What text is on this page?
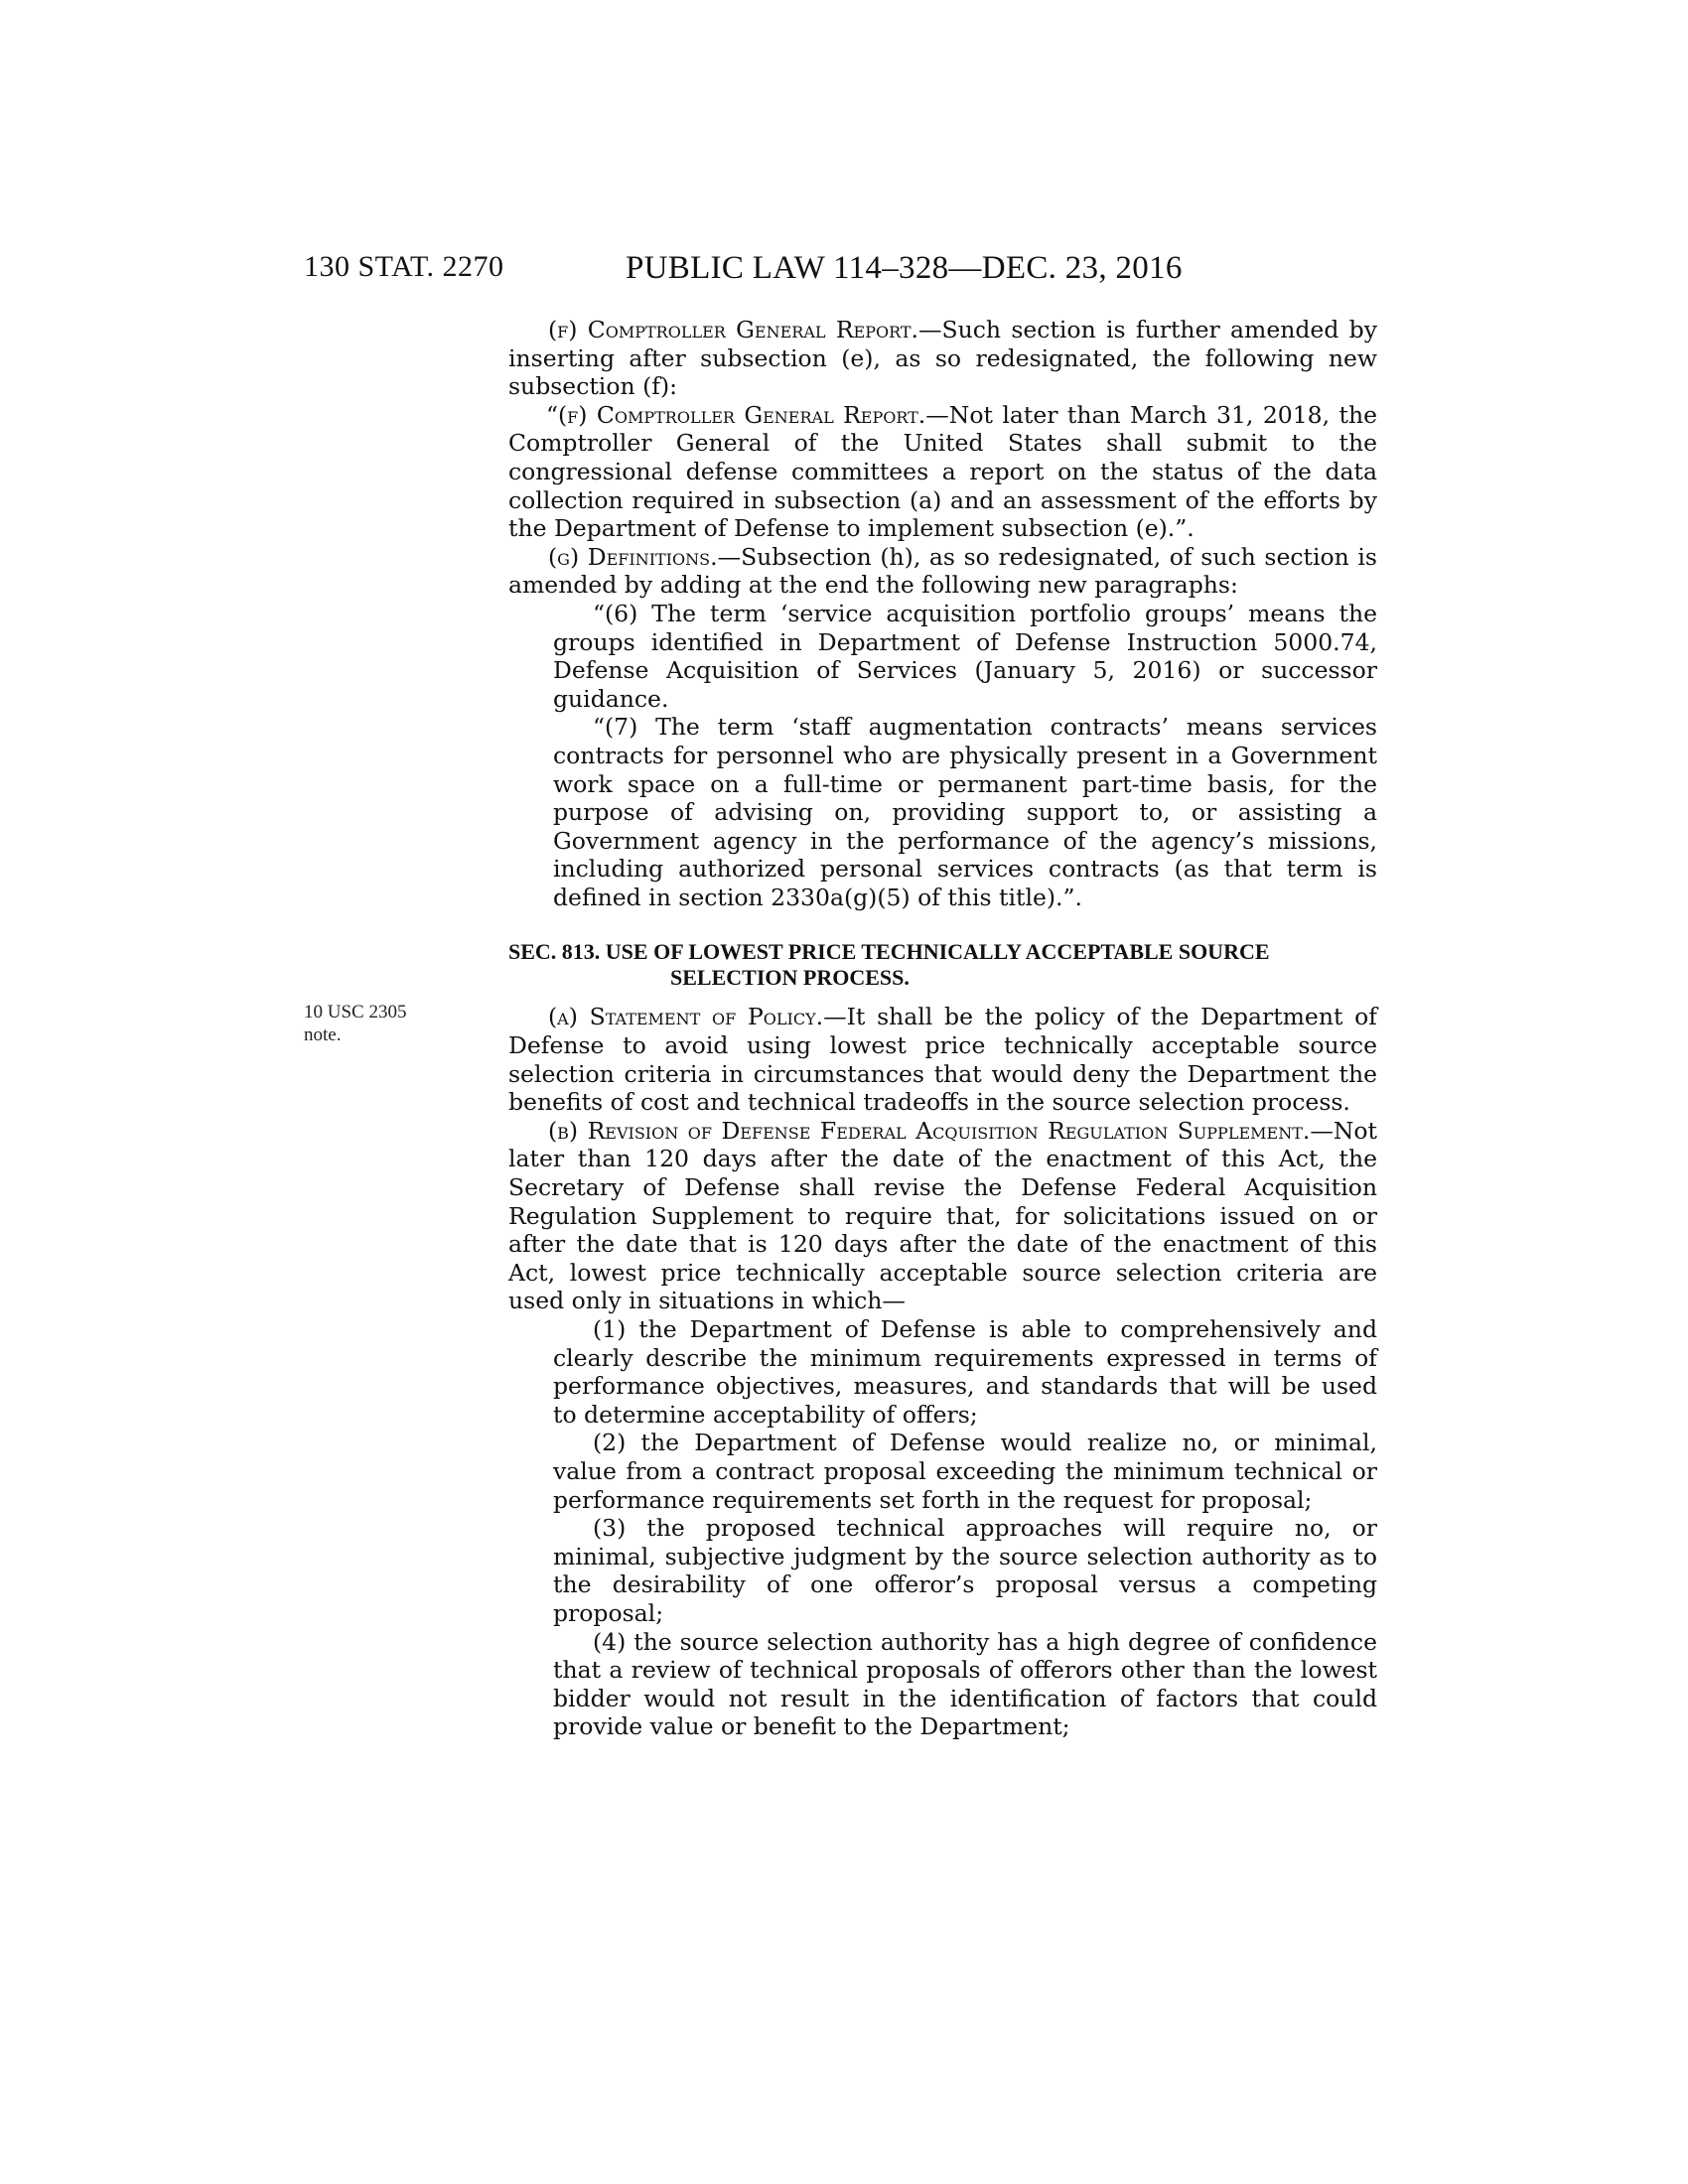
130 STAT. 2270	PUBLIC LAW 114–328—DEC. 23, 2016
10 USC 2305
note.

(f) Comptroller General Report.—Such section is further amended by inserting after subsection (e), as so redesignated, the following new subsection (f):

“(f) Comptroller General Report.—Not later than March 31, 2018, the Comptroller General of the United States shall submit to the congressional defense committees a report on the status of the data collection required in subsection (a) and an assessment of the efforts by the Department of Defense to implement subsection (e).”.

(g) Definitions.—Subsection (h), as so redesignated, of such section is amended by adding at the end the following new paragraphs:

“(6) The term ‘service acquisition portfolio groups’ means the groups identified in Department of Defense Instruction 5000.74, Defense Acquisition of Services (January 5, 2016) or successor guidance.

“(7) The term ‘staff augmentation contracts’ means services contracts for personnel who are physically present in a Government work space on a full-time or permanent part-time basis, for the purpose of advising on, providing support to, or assisting a Government agency in the performance of the agency’s missions, including authorized personal services contracts (as that term is defined in section 2330a(g)(5) of this title).”.

SEC. 813. USE OF LOWEST PRICE TECHNICALLY ACCEPTABLE SOURCE
SELECTION PROCESS.

(a) Statement of Policy.—It shall be the policy of the Department of Defense to avoid using lowest price technically acceptable source selection criteria in circumstances that would deny the Department the benefits of cost and technical tradeoffs in the source selection process.

(b) Revision of Defense Federal Acquisition Regulation Supplement.—Not later than 120 days after the date of the enactment of this Act, the Secretary of Defense shall revise the Defense Federal Acquisition Regulation Supplement to require that, for solicitations issued on or after the date that is 120 days after the date of the enactment of this Act, lowest price technically acceptable source selection criteria are used only in situations in which—

(1) the Department of Defense is able to comprehensively and clearly describe the minimum requirements expressed in terms of performance objectives, measures, and standards that will be used to determine acceptability of offers;

(2) the Department of Defense would realize no, or minimal, value from a contract proposal exceeding the minimum technical or performance requirements set forth in the request for proposal;

(3) the proposed technical approaches will require no, or minimal, subjective judgment by the source selection authority as to the desirability of one offeror’s proposal versus a competing proposal;

(4) the source selection authority has a high degree of confidence that a review of technical proposals of offerors other than the lowest bidder would not result in the identification of factors that could provide value or benefit to the Department;
